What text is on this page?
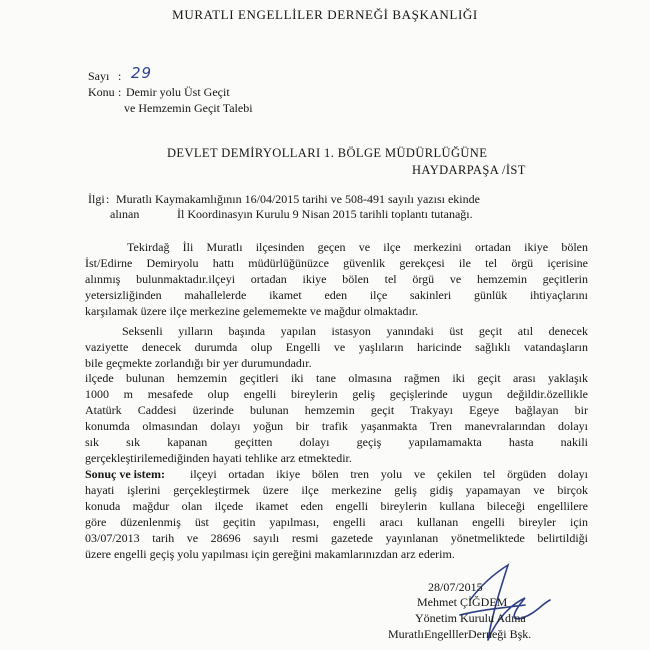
MURATLI ENGELLİLER DERNEĞİ BAŞKANLIĞI
Sayı : 29
Konu : Demir yolu Üst Geçit
ve Hemzemin Geçit Talebi
DEVLET DEMİRYOLLARI 1. BÖLGE MÜDÜRLÜĞÜNE
HAYDARPAŞA /İST
İlgi : Muratlı Kaymakamlığının 16/04/2015 tarihi ve 508-491 sayılı yazısı ekinde
alınan	İl Koordinasyın Kurulu 9 Nisan 2015 tarihli toplantı tutanağı.
Tekirdağ İli Muratlı ilçesinden geçen ve ilçe merkezini ortadan ikiye bölen
İst/Edirne Demiryolu hattı müdürlüğünüzce güvenlik gerekçesi ile tel örgü içerisine
alınmış bulunmaktadır.ilçeyi ortadan ikiye bölen tel örgü ve hemzemin geçitlerin
yetersizliğinden mahallelerde ikamet eden ilçe sakinleri günlük ihtiyaçlarını
karşılamak üzere ilçe merkezine gelememekte ve mağdur olmaktadır.
Seksenli yılların başında yapılan istasyon yanındaki üst geçit atıl denecek
vaziyette denecek durumda olup Engelli ve yaşlıların haricinde sağlıklı vatandaşların
bile geçmekte zorlandığı bir yer durumundadır.
ilçede bulunan hemzemin geçitleri iki tane olmasına rağmen iki geçit arası yaklaşık
1000 m mesafede olup engelli bireylerin geliş geçişlerinde uygun değildir.özellikle
Atatürk Caddesi üzerinde bulunan hemzemin geçit Trakyayı Egeye bağlayan bir
konumda olmasından dolayı yoğun bir trafik yaşanmakta Tren manevralarından dolayı
sık sık kapanan geçitten dolayı geçiş yapılamamakta hasta nakili
gerçekleştirilemediğinden hayati tehlike arz etmektedir.
Sonuç ve istem: ilçeyi ortadan ikiye bölen tren yolu ve çekilen tel örgüden dolayı
hayati işlerini gerçekleştirmek üzere ilçe merkezine geliş gidiş yapamayan ve birçok
konuda mağdur olan ilçede ikamet eden engelli bireylerin kullana bileceği engellilere
göre düzenlenmiş üst geçitin yapılması, engelli aracı kullanan engelli bireyler için
03/07/2013 tarih ve 28696 sayılı resmi gazetede yayınlanan yönetmeliktede belirtildiği
üzere engelli geçiş yolu yapılması için gereğini makamlarınızdan arz ederim.
28/07/2015
Mehmet ÇİĞDEM
Yönetim Kurulu Adına
MuratlıEngelllerDerneği Bşk.
